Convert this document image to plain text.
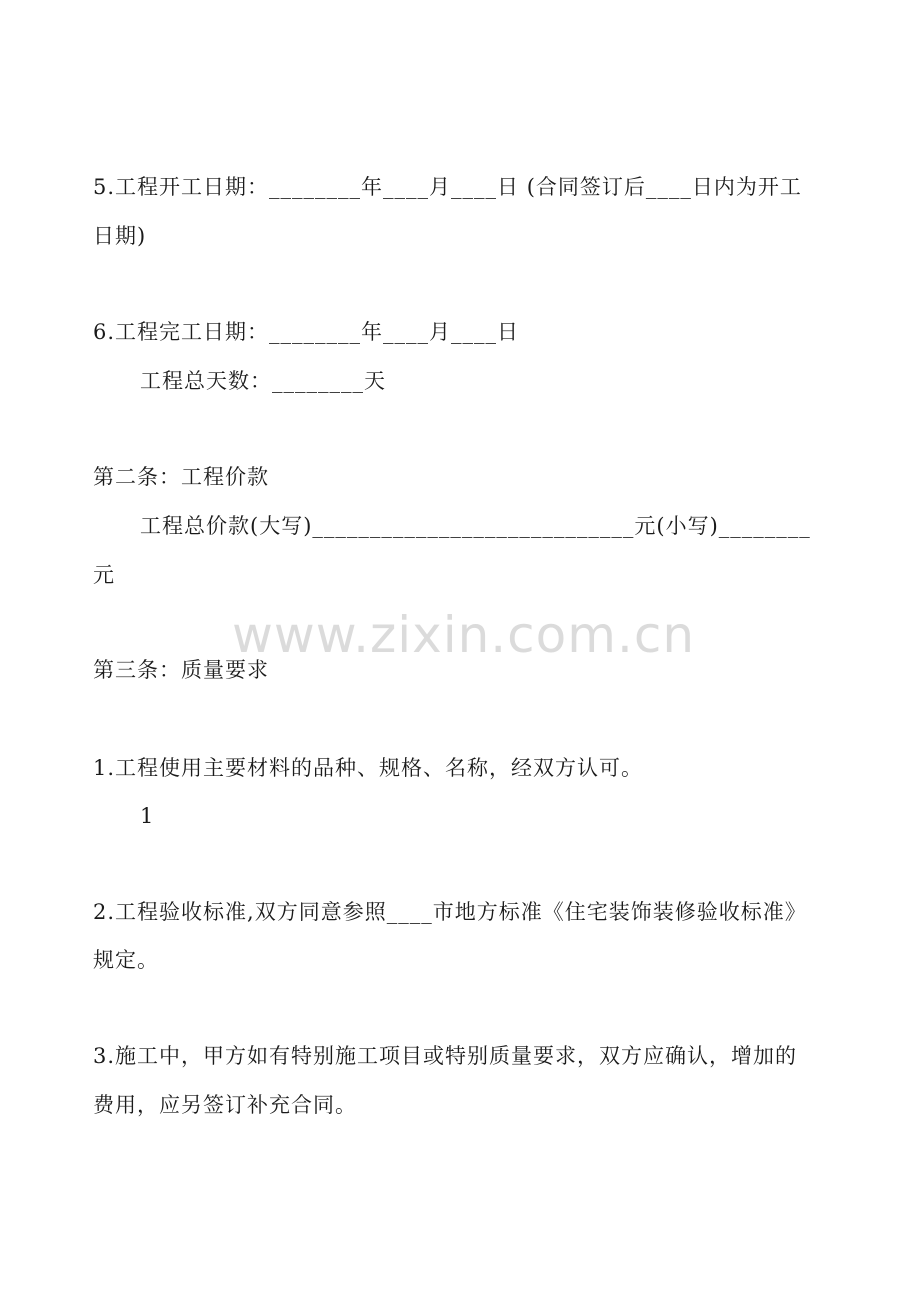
5.工程开工日期：________年____月____日 (合同签订后____日内为开工
日期)
6.工程完工日期：________年____月____日
工程总天数：________天
第二条：工程价款
工程总价款(大写)____________________________元(小写)________
元
www.zixin.com.cn
第三条：质量要求
1.工程使用主要材料的品种、规格、名称，经双方认可。
1
2.工程验收标准,双方同意参照____市地方标准《住宅装饰装修验收标准》
规定。
3.施工中，甲方如有特别施工项目或特别质量要求，双方应确认，增加的
费用，应另签订补充合同。
